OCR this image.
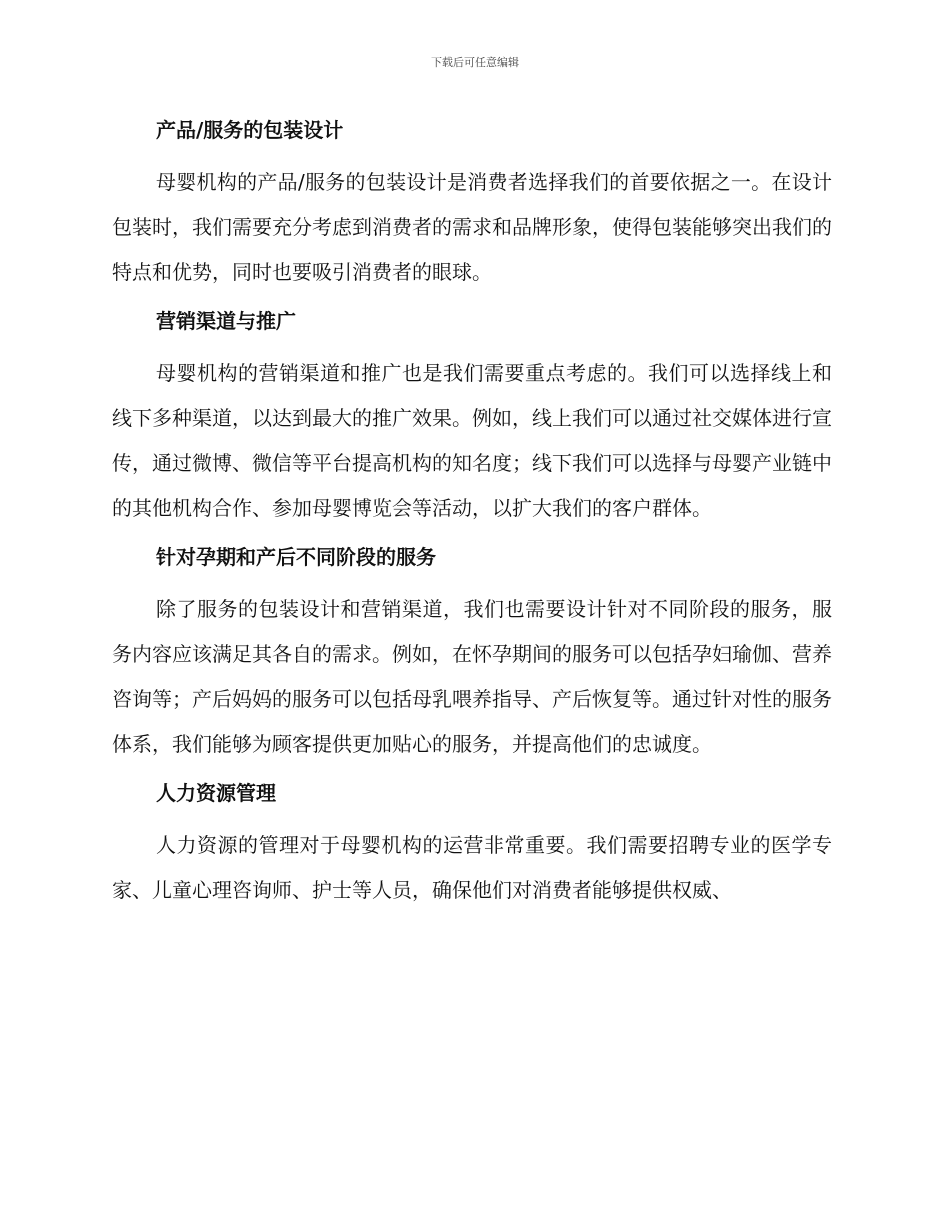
下载后可任意编辑
产品/服务的包装设计
母婴机构的产品/服务的包装设计是消费者选择我们的首要依据之一。在设计包装时，我们需要充分考虑到消费者的需求和品牌形象，使得包装能够突出我们的特点和优势，同时也要吸引消费者的眼球。
营销渠道与推广
母婴机构的营销渠道和推广也是我们需要重点考虑的。我们可以选择线上和线下多种渠道，以达到最大的推广效果。例如，线上我们可以通过社交媒体进行宣传，通过微博、微信等平台提高机构的知名度；线下我们可以选择与母婴产业链中的其他机构合作、参加母婴博览会等活动，以扩大我们的客户群体。
针对孕期和产后不同阶段的服务
除了服务的包装设计和营销渠道，我们也需要设计针对不同阶段的服务，服务内容应该满足其各自的需求。例如，在怀孕期间的服务可以包括孕妇瑜伽、营养咨询等；产后妈妈的服务可以包括母乳喂养指导、产后恢复等。通过针对性的服务体系，我们能够为顾客提供更加贴心的服务，并提高他们的忠诚度。
人力资源管理
人力资源的管理对于母婴机构的运营非常重要。我们需要招聘专业的医学专家、儿童心理咨询师、护士等人员，确保他们对消费者能够提供权威、
